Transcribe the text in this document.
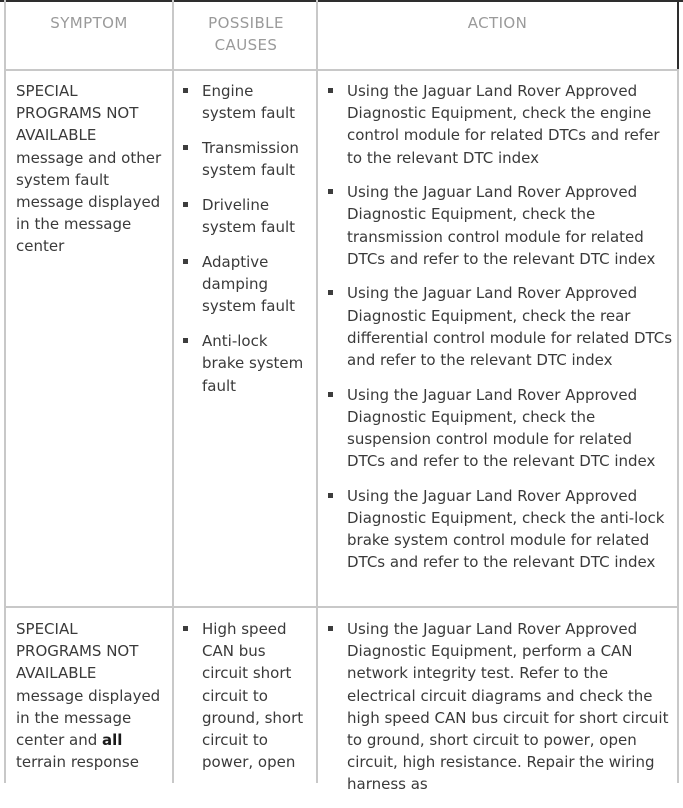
SYMPTOM	POSSIBLE CAUSES
ACTION
SPECIAL PROGRAMS NOT AVAILABLE message and other system fault message displayed in the message center
Engine system fault
Transmission system fault
Driveline system fault
Adaptive damping system fault
Anti-lock brake system fault
Using the Jaguar Land Rover Approved Diagnostic Equipment, check the engine control module for related DTCs and refer to the relevant DTC index
Using the Jaguar Land Rover Approved Diagnostic Equipment, check the transmission control module for related DTCs and refer to the relevant DTC index
Using the Jaguar Land Rover Approved Diagnostic Equipment, check the rear differential control module for related DTCs and refer to the relevant DTC index
Using the Jaguar Land Rover Approved Diagnostic Equipment, check the suspension control module for related DTCs and refer to the relevant DTC index
Using the Jaguar Land Rover Approved Diagnostic Equipment, check the anti-lock brake system control module for related DTCs and refer to the relevant DTC index
SPECIAL PROGRAMS NOT AVAILABLE message displayed in the message center and all terrain response
High speed CAN bus circuit short circuit to ground, short circuit to power, open
Using the Jaguar Land Rover Approved Diagnostic Equipment, perform a CAN network integrity test. Refer to the electrical circuit diagrams and check the high speed CAN bus circuit for short circuit to ground, short circuit to power, open circuit, high resistance. Repair the wiring harness as
